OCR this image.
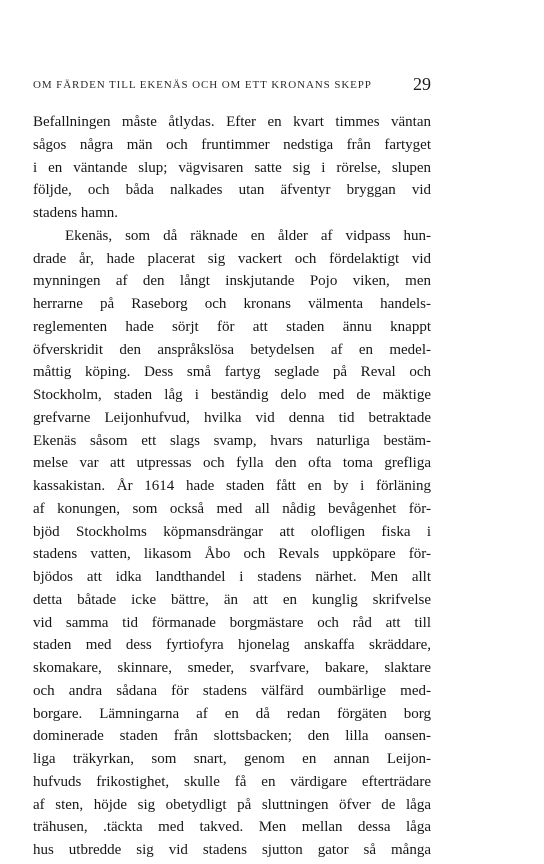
OM FÄRDEN TILL EKENÄS OCH OM ETT KRONANS SKEPP 29
Befallningen måste åtlydas. Efter en kvart timmes väntan
sågos några män och fruntimmer nedstiga från fartyget
i en väntande slup; vägvisaren satte sig i rörelse, slupen
följde, och båda nalkades utan äfventyr bryggan vid
stadens hamn.
Ekenäs, som då räknade en ålder af vidpass hun-
drade år, hade placerat sig vackert och fördelaktigt vid
mynningen af den långt inskjutande Pojo viken, men
herrarne på Raseborg och kronans välmenta handels-
reglementen hade sörjt för att staden ännu knappt
öfverskridit den anspråkslösa betydelsen af en medel-
måttig köping. Dess små fartyg seglade på Reval och
Stockholm, staden låg i beständig delo med de mäktige
grefvarne Leijonhufvud, hvilka vid denna tid betraktade
Ekenäs såsom ett slags svamp, hvars naturliga bestäm-
melse var att utpressas och fylla den ofta toma grefliga
kassakistan. År 1614 hade staden fått en by i förläning
af konungen, som också med all nådig bevågenhet för-
bjöd Stockholms köpmansdrängar att olofligen fiska i
stadens vatten, likasom Åbo och Revals uppköpare för-
bjödos att idka landthandel i stadens närhet. Men allt
detta båtade icke bättre, än att en kunglig skrifvelse
vid samma tid förmanade borgmästare och råd att till
staden med dess fyrtiofyra hjonelag anskaffa skräddare,
skomakare, skinnare, smeder, svarfvare, bakare, slaktare
och andra sådana för stadens välfärd oumbärlige med-
borgare. Lämningarna af en då redan förgäten borg
dominerade staden från slottsbacken; den lilla oansen-
liga träkyrkan, som snart, genom en annan Leijon-
hufvuds frikostighet, skulle få en värdigare efterträdare
af sten, höjde sig obetydligt på sluttningen öfver de låga
trähusen, .täckta med takved. Men mellan dessa låga
hus utbredde sig vid stadens sjutton gator så många
